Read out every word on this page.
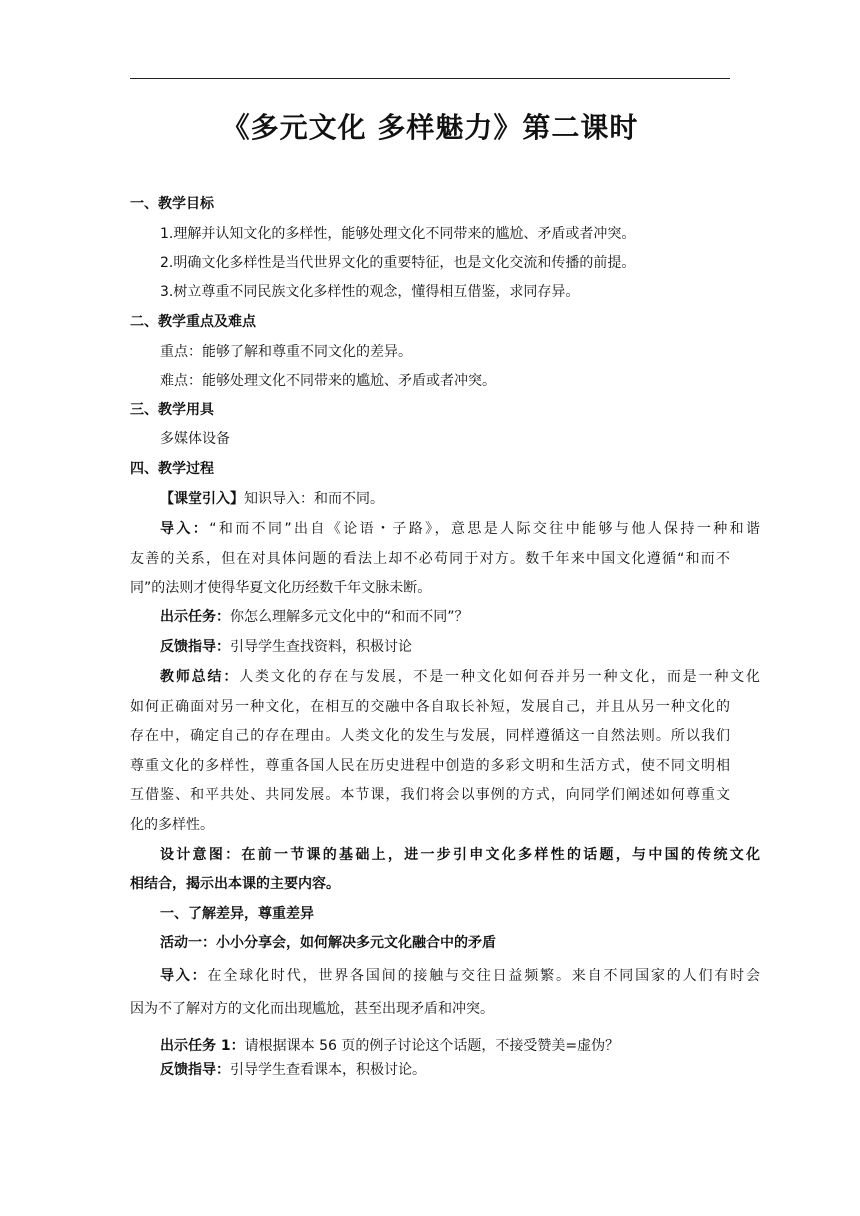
《多元文化 多样魅力》第二课时
一、教学目标
1.理解并认知文化的多样性，能够处理文化不同带来的尴尬、矛盾或者冲突。
2.明确文化多样性是当代世界文化的重要特征，也是文化交流和传播的前提。
3.树立尊重不同民族文化多样性的观念，懂得相互借鉴，求同存异。
二、教学重点及难点
重点：能够了解和尊重不同文化的差异。
难点：能够处理文化不同带来的尴尬、矛盾或者冲突。
三、教学用具
多媒体设备
四、教学过程
【课堂引入】知识导入：和而不同。
导入：“和而不同”出自《论语・子路》，意思是人际交往中能够与他人保持一种和谐
友善的关系，但在对具体问题的看法上却不必苟同于对方。数千年来中国文化遵循“和而不
同”的法则才使得华夏文化历经数千年文脉未断。
出示任务：你怎么理解多元文化中的“和而不同”？
反馈指导：引导学生查找资料，积极讨论
教师总结：人类文化的存在与发展，不是一种文化如何吞并另一种文化，而是一种文化
如何正确面对另一种文化，在相互的交融中各自取长补短，发展自己，并且从另一种文化的
存在中，确定自己的存在理由。人类文化的发生与发展，同样遵循这一自然法则。所以我们
尊重文化的多样性，尊重各国人民在历史进程中创造的多彩文明和生活方式，使不同文明相
互借鉴、和平共处、共同发展。本节课，我们将会以事例的方式，向同学们阐述如何尊重文
化的多样性。
设计意图：在前一节课的基础上，进一步引申文化多样性的话题，与中国的传统文化
相结合，揭示出本课的主要内容。
一、了解差异，尊重差异
活动一：小小分享会，如何解决多元文化融合中的矛盾
导入：在全球化时代，世界各国间的接触与交往日益频繁。来自不同国家的人们有时会
因为不了解对方的文化而出现尴尬，甚至出现矛盾和冲突。
出示任务 1：请根据课本 56 页的例子讨论这个话题，不接受赞美=虚伪？
反馈指导：引导学生查看课本，积极讨论。
